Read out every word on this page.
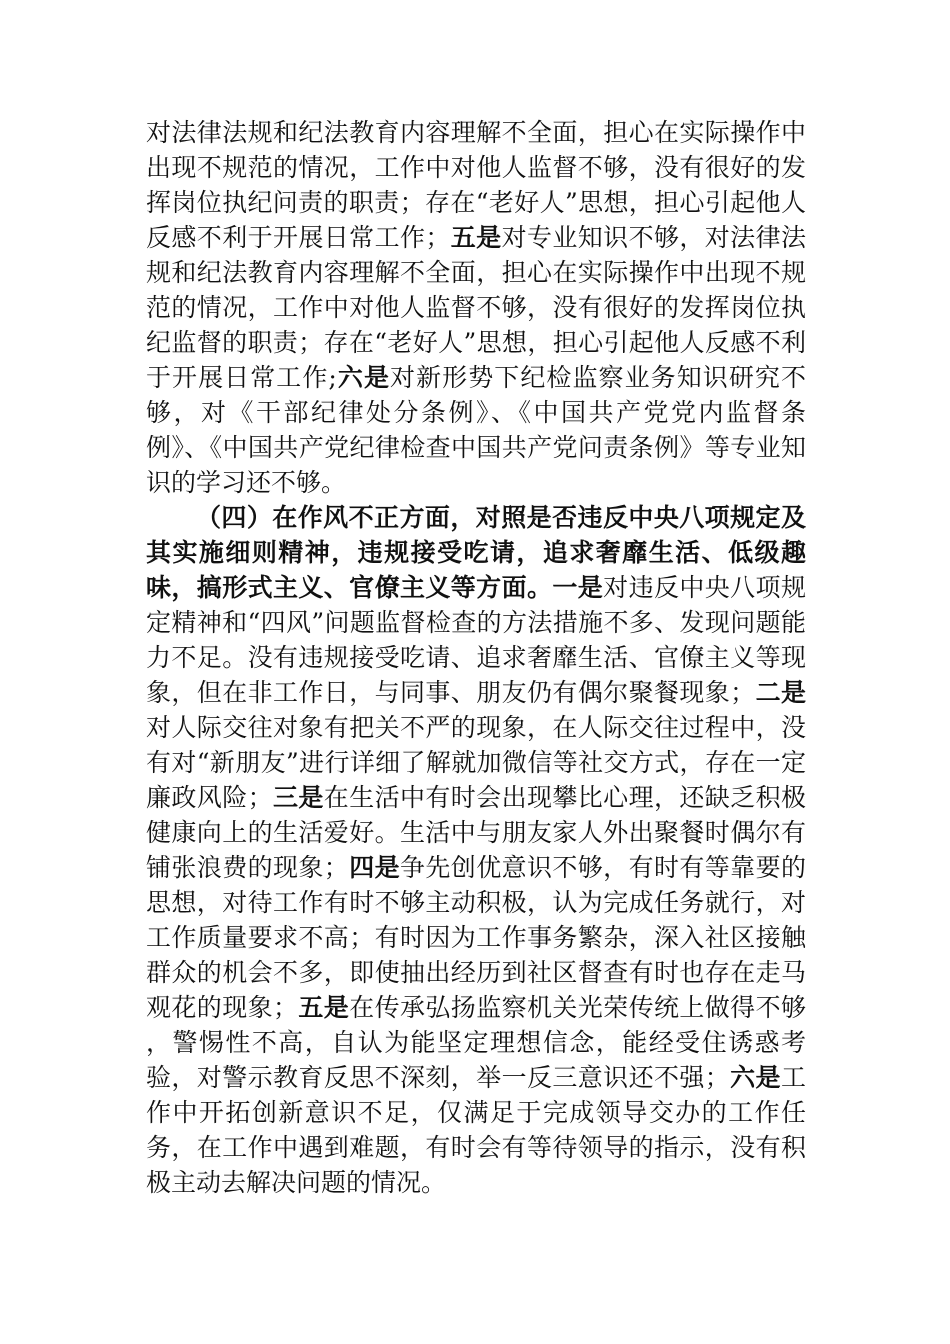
对法律法规和纪法教育内容理解不全面，担心在实际操作中出现不规范的情况，工作中对他人监督不够，没有很好的发挥岗位执纪问责的职责；存在“老好人”思想，担心引起他人反感不利于开展日常工作；五是对专业知识不够，对法律法规和纪法教育内容理解不全面，担心在实际操作中出现不规范的情况，工作中对他人监督不够，没有很好的发挥岗位执纪监督的职责；存在“老好人”思想，担心引起他人反感不利于开展日常工作;六是对新形势下纪检监察业务知识研究不够，对《干部纪律处分条例》、《中国共产党党内监督条例》、《中国共产党纪律检查中国共产党问责条例》等专业知识的学习还不够。

（四）在作风不正方面，对照是否违反中央八项规定及其实施细则精神，违规接受吃请，追求奢靡生活、低级趣味，搞形式主义、官僚主义等方面。一是对违反中央八项规定精神和“四风”问题监督检查的方法措施不多、发现问题能力不足。没有违规接受吃请、追求奢靡生活、官僚主义等现象，但在非工作日，与同事、朋友仍有偶尔聚餐现象；二是对人际交往对象有把关不严的现象，在人际交往过程中，没有对“新朋友”进行详细了解就加微信等社交方式，存在一定廉政风险；三是在生活中有时会出现攀比心理，还缺乏积极健康向上的生活爱好。生活中与朋友家人外出聚餐时偶尔有铺张浪费的现象；四是争先创优意识不够，有时有等靠要的思想，对待工作有时不够主动积极，认为完成任务就行，对工作质量要求不高；有时因为工作事务繁杂，深入社区接触群众的机会不多，即使抽出经历到社区督查有时也存在走马观花的现象；五是在传承弘扬监察机关光荣传统上做得不够 ，警惕性不高，自认为能坚定理想信念，能经受住诱惑考验，对警示教育反思不深刻，举一反三意识还不强；六是工作中开拓创新意识不足，仅满足于完成领导交办的工作任务，在工作中遇到难题，有时会有等待领导的指示，没有积极主动去解决问题的情况。
